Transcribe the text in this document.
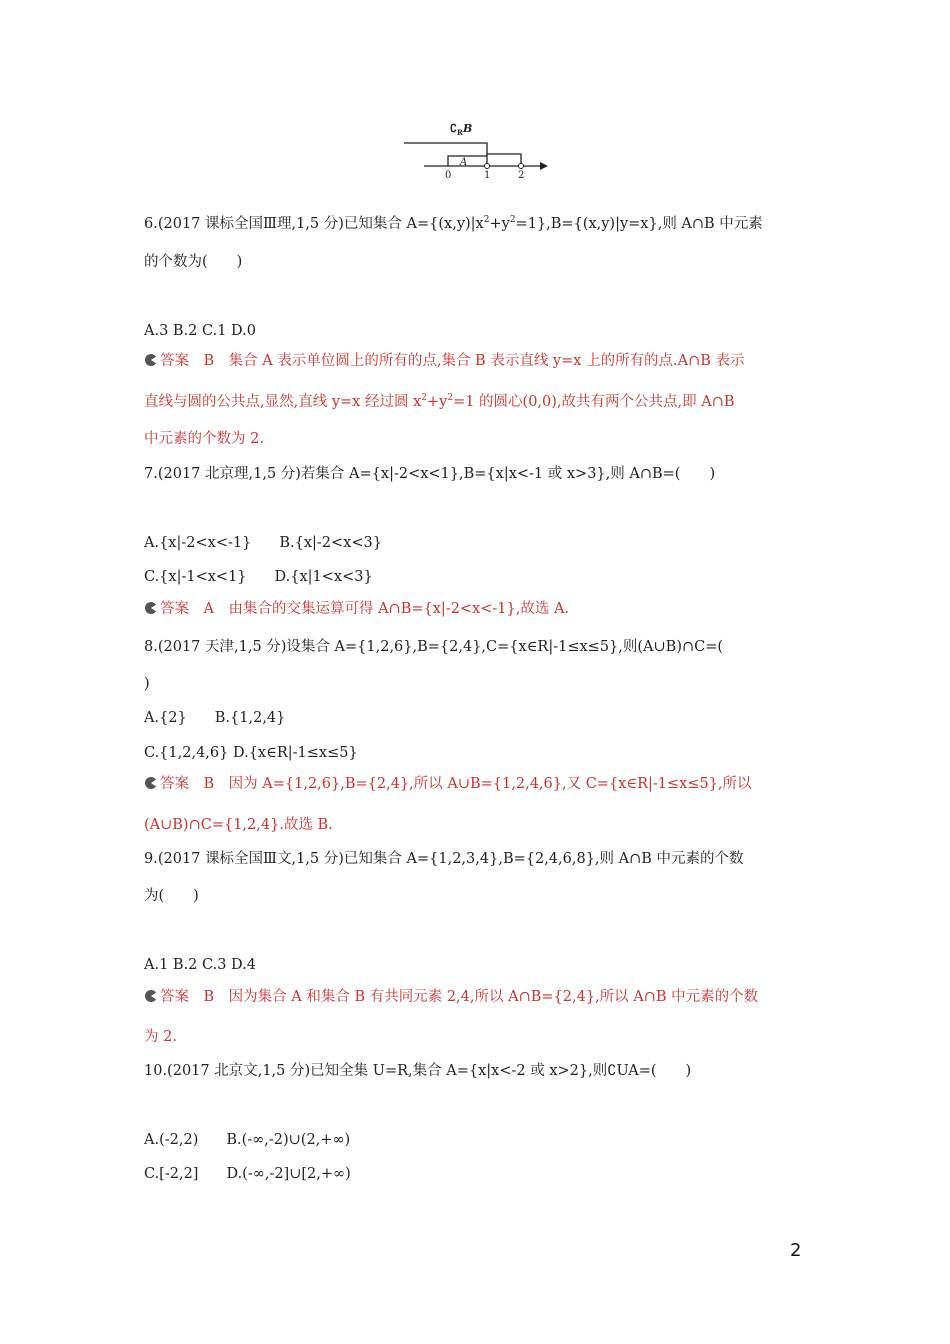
∁ R B
A
0	1	2
6.(2017 课标全国Ⅲ理,1,5 分)已知集合 $A=\{(x,y)|x^2+y^2=1\},B=\{(x,y)|y=x\}$,则 A∩B 中元素
的个数为(　　)
A.3 B.2 C.1 D.0
答案　B　集合 A 表示单位圆上的所有的点,集合 B 表示直线 y=x 上的所有的点.A∩B 表示
直线与圆的公共点,显然,直线 y=x 经过圆 $x^2+y^2=1$ 的圆心(0,0),故共有两个公共点,即 A∩B
中元素的个数为 2.
7.(2017 北京理,1,5 分)若集合 A={x|-2<x<1},B={x|x<-1 或 x>3},则 A∩B=(　　)
A.{x|-2<x<-1} B.{x|-2<x<3}
C.{x|-1<x<1} D.{x|1<x<3}
答案　A　由集合的交集运算可得 A∩B={x|-2<x<-1},故选 A.
8.(2017 天津,1,5 分)设集合 A={1,2,6},B={2,4},C={x∈R|-1≤x≤5},则(A∪B)∩C=(
)
A.{2} B.{1,2,4}
C.{1,2,4,6} D.{x∈R|-1≤x≤5}
答案　B　因为 A={1,2,6},B={2,4},所以 A∪B={1,2,4,6},又 C={x∈R|-1≤x≤5},所以
(A∪B)∩C={1,2,4}.故选 B.
9.(2017 课标全国Ⅲ文,1,5 分)已知集合 A={1,2,3,4},B={2,4,6,8},则 A∩B 中元素的个数
为(　　)
A.1 B.2 C.3 D.4
答案　B　因为集合 A 和集合 B 有共同元素 2,4,所以 A∩B={2,4},所以 A∩B 中元素的个数
为 2.
10.(2017 北京文,1,5 分)已知全集 U=R,集合 A={x|x<-2 或 x>2},则∁UA=(　　)
A.(-2,2) B.(-∞,-2)∪(2,+∞)
C.[-2,2] D.(-∞,-2]∪[2,+∞)
2
